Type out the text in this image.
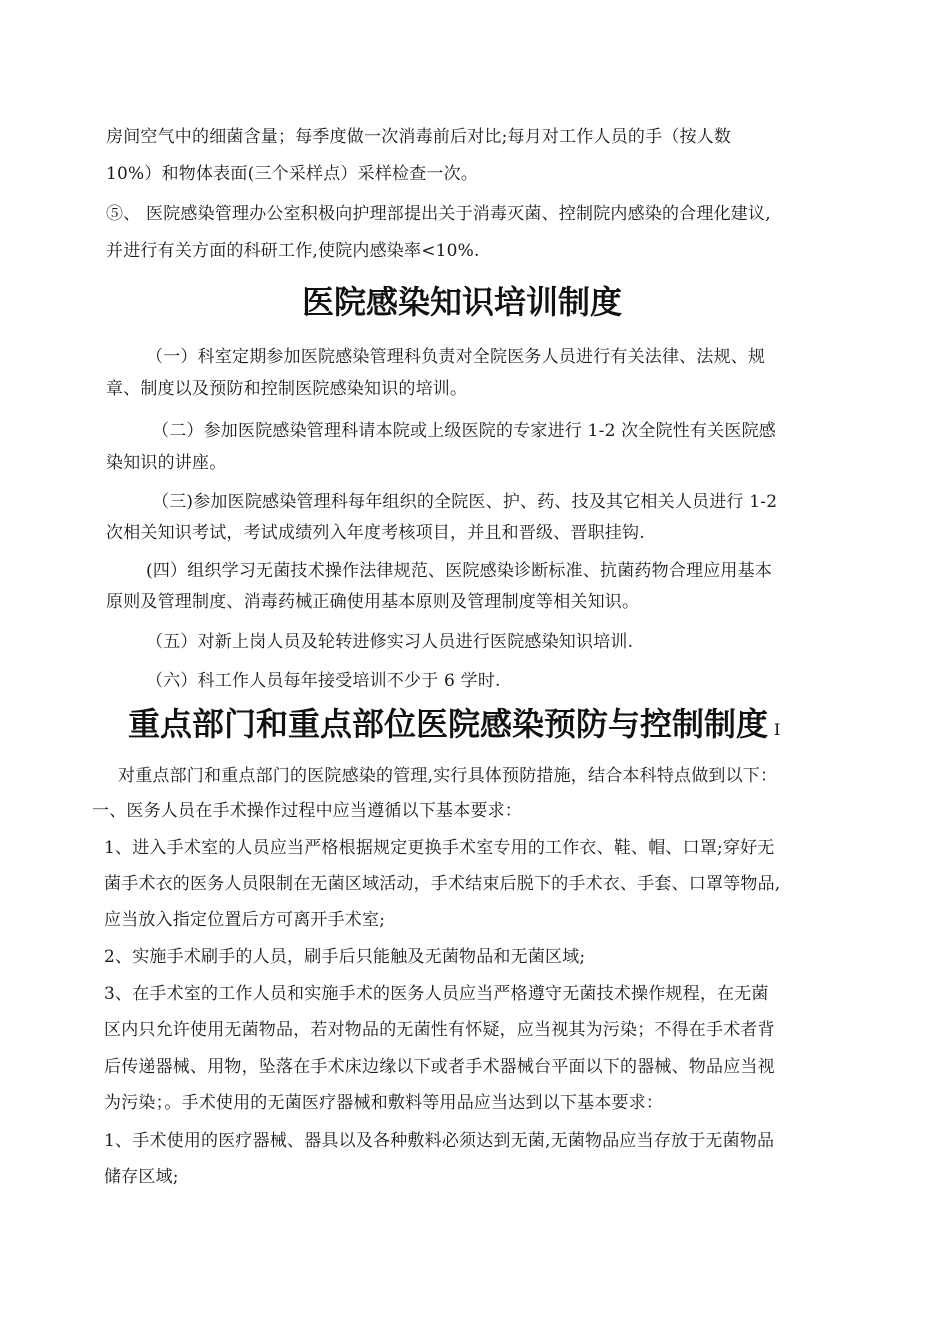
房间空气中的细菌含量；每季度做一次消毒前后对比;每月对工作人员的手（按人数
10%）和物体表面(三个采样点）采样检查一次。
⑤、 医院感染管理办公室积极向护理部提出关于消毒灭菌、控制院内感染的合理化建议,
并进行有关方面的科研工作,使院内感染率<10%.
医院感染知识培训制度
（一）科室定期参加医院感染管理科负责对全院医务人员进行有关法律、法规、规
章、制度以及预防和控制医院感染知识的培训。
（二）参加医院感染管理科请本院或上级医院的专家进行 1-2 次全院性有关医院感
染知识的讲座。
（三)参加医院感染管理科每年组织的全院医、护、药、技及其它相关人员进行 1-2
次相关知识考试，考试成绩列入年度考核项目，并且和晋级、晋职挂钩.
(四）组织学习无菌技术操作法律规范、医院感染诊断标准、抗菌药物合理应用基本
原则及管理制度、消毒药械正确使用基本原则及管理制度等相关知识。
（五）对新上岗人员及轮转进修实习人员进行医院感染知识培训.
（六）科工作人员每年接受培训不少于 6 学时.
重点部门和重点部位医院感染预防与控制制度 I
对重点部门和重点部门的医院感染的管理,实行具体预防措施，结合本科特点做到以下：
一、医务人员在手术操作过程中应当遵循以下基本要求：
1、进入手术室的人员应当严格根据规定更换手术室专用的工作衣、鞋、帽、口罩;穿好无
菌手术衣的医务人员限制在无菌区域活动，手术结束后脱下的手术衣、手套、口罩等物品,
应当放入指定位置后方可离开手术室;
2、实施手术刷手的人员，刷手后只能触及无菌物品和无菌区域;
3、在手术室的工作人员和实施手术的医务人员应当严格遵守无菌技术操作规程，在无菌
区内只允许使用无菌物品，若对物品的无菌性有怀疑，应当视其为污染；不得在手术者背
后传递器械、用物，坠落在手术床边缘以下或者手术器械台平面以下的器械、物品应当视
为污染；。手术使用的无菌医疗器械和敷料等用品应当达到以下基本要求：
1、手术使用的医疗器械、器具以及各种敷料必须达到无菌,无菌物品应当存放于无菌物品
储存区域;
